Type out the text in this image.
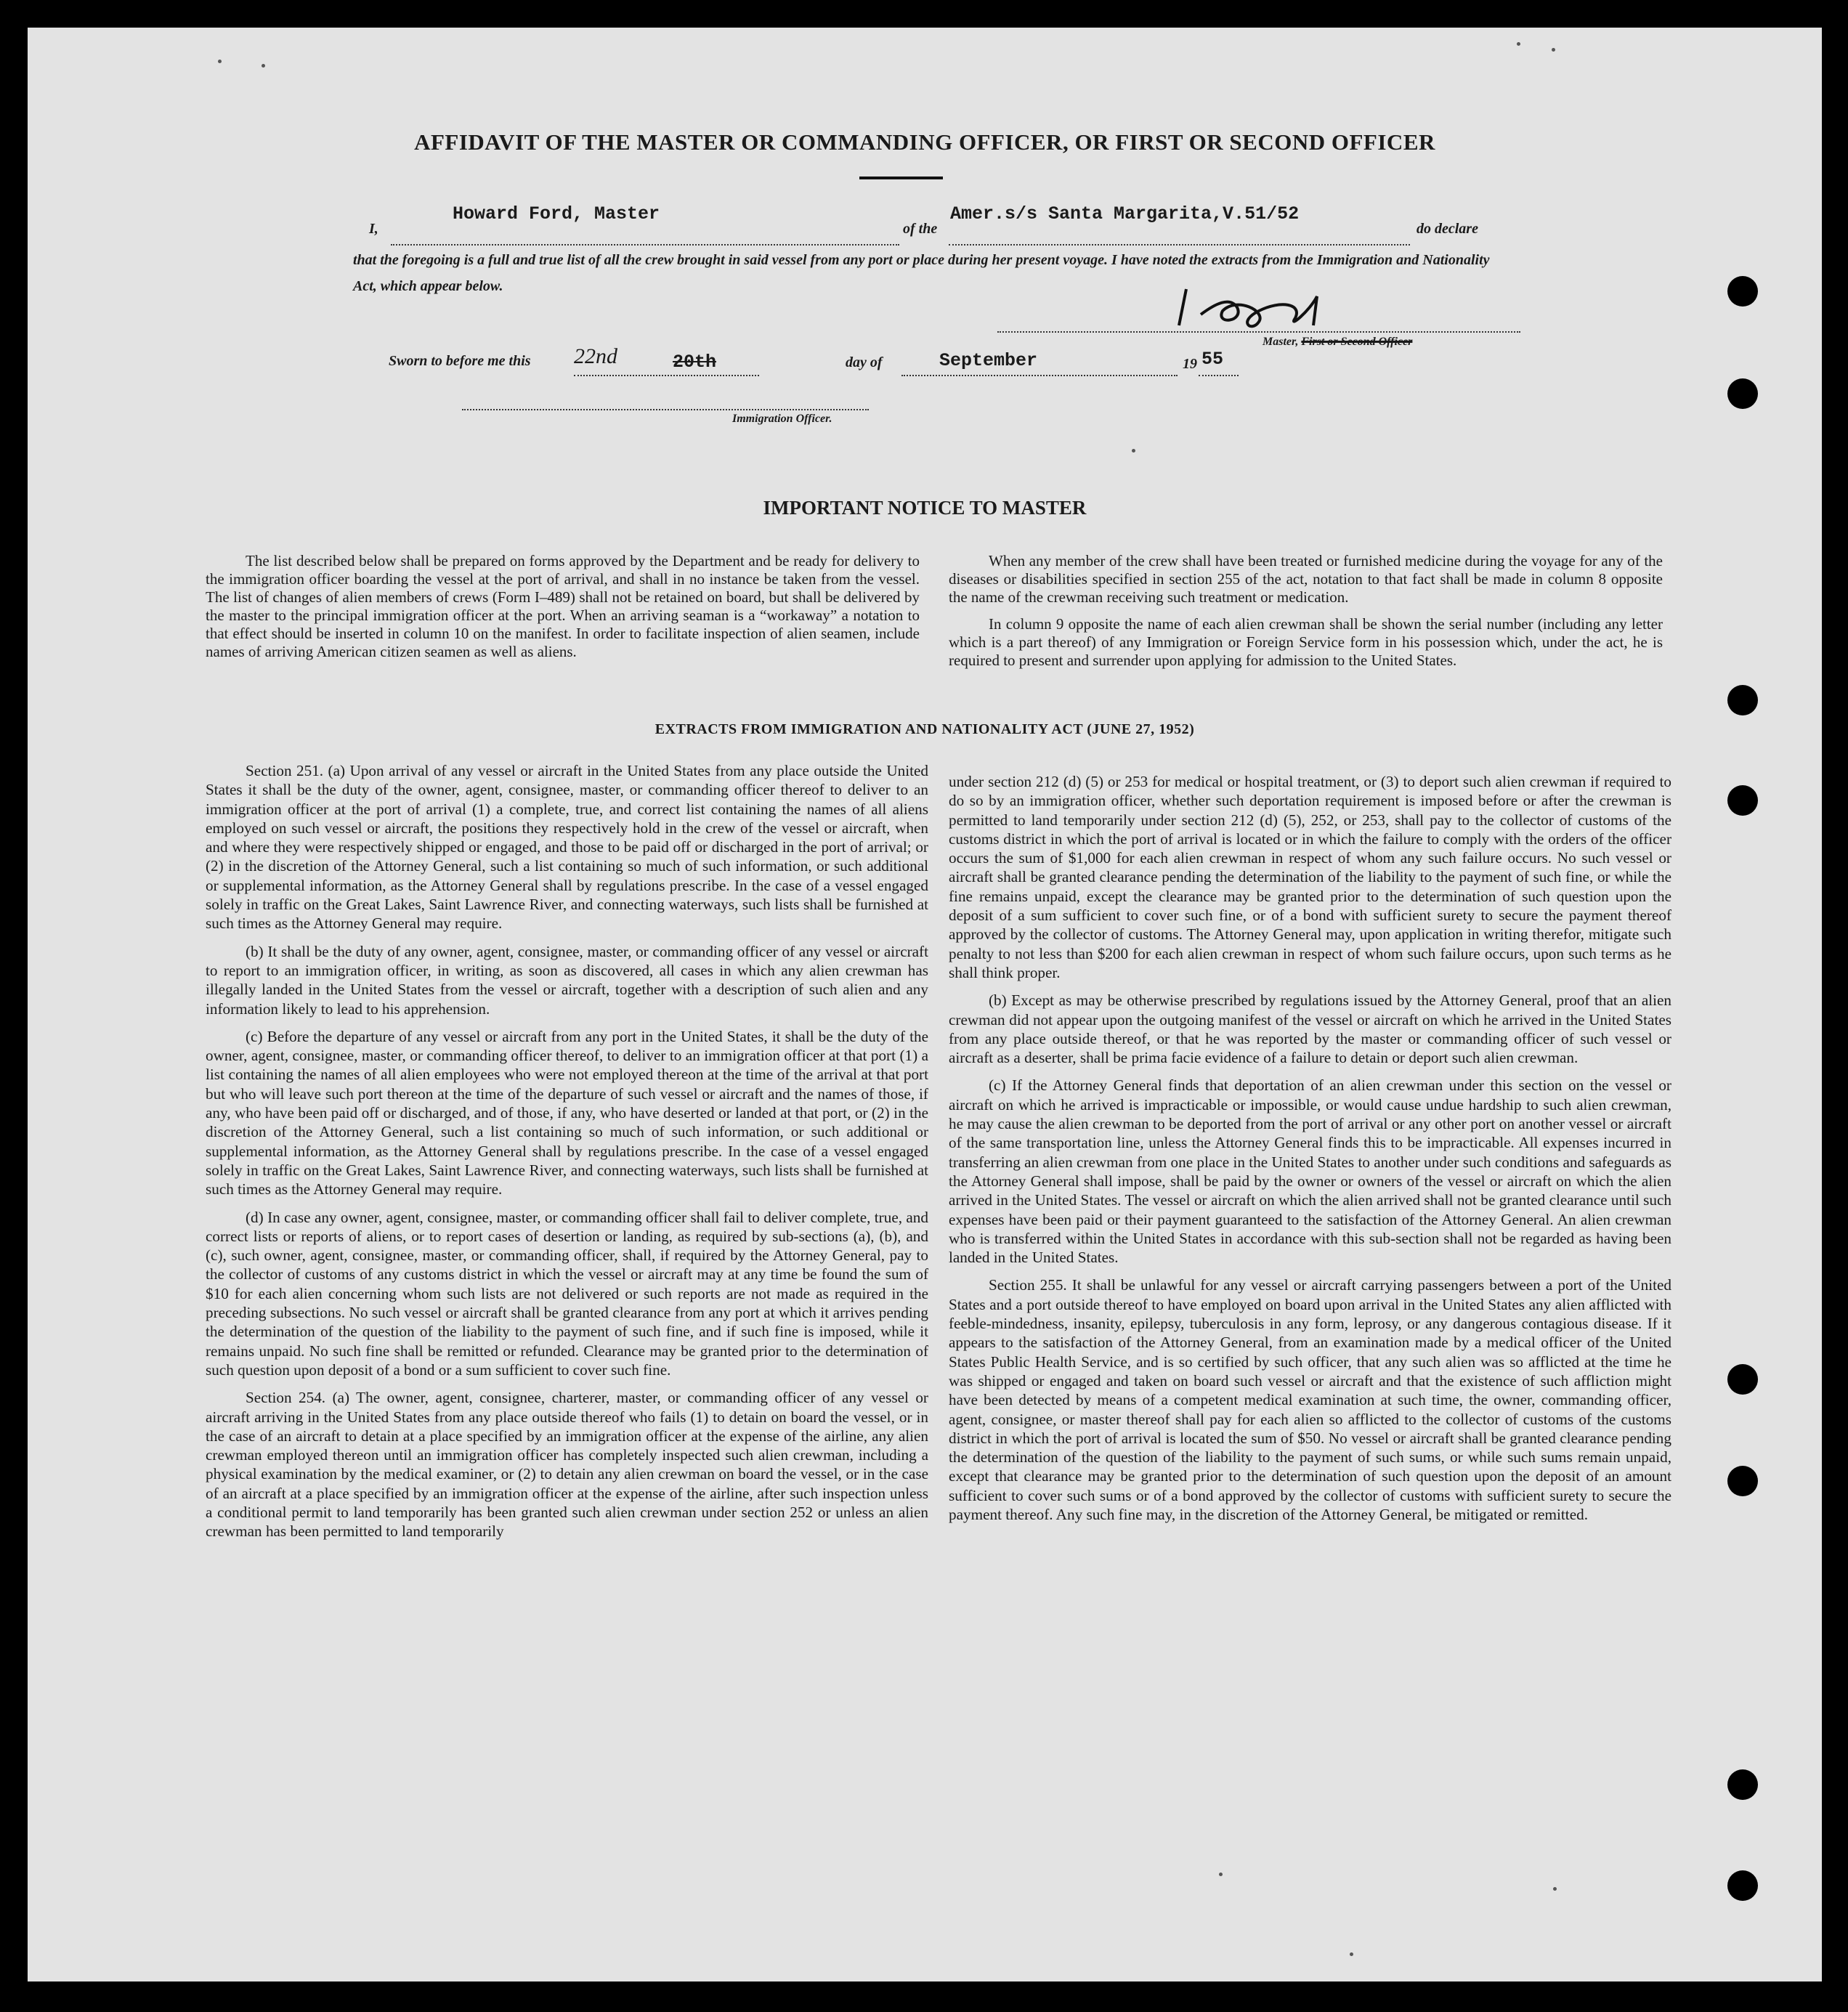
AFFIDAVIT OF THE MASTER OR COMMANDING OFFICER, OR FIRST OR SECOND OFFICER
I,
Howard Ford, Master
of the
Amer.s/s Santa Margarita,V.51/52
do declare
that the foregoing is a full and true list of all the crew brought in said vessel from any port or place during her present voyage. I have noted the extracts from the Immigration and Nationality Act, which appear below.
Master, First or Second Officer
Sworn to before me this 22nd	20th	day of	September	19 55
Immigration Officer.
IMPORTANT NOTICE TO MASTER

The list described below shall be prepared on forms approved by the Department and be ready for delivery to the immigration officer boarding the vessel at the port of arrival, and shall in no instance be taken from the vessel. The list of changes of alien members of crews (Form I–489) shall not be retained on board, but shall be delivered by the master to the principal immigration officer at the port. When an arriving seaman is a “workaway” a notation to that effect should be inserted in column 10 on the manifest. In order to facilitate inspection of alien seamen, include names of arriving American citizen seamen as well as aliens.

When any member of the crew shall have been treated or furnished medicine during the voyage for any of the diseases or disabilities specified in section 255 of the act, notation to that fact shall be made in column 8 opposite the name of the crewman receiving such treatment or medication.

In column 9 opposite the name of each alien crewman shall be shown the serial number (including any letter which is a part thereof) of any Immigration or Foreign Service form in his possession which, under the act, he is required to present and surrender upon applying for admission to the United States.

EXTRACTS FROM IMMIGRATION AND NATIONALITY ACT (JUNE 27, 1952)

Section 251. (a) Upon arrival of any vessel or aircraft in the United States from any place outside the United States it shall be the duty of the owner, agent, consignee, master, or commanding officer thereof to deliver to an immigration officer at the port of arrival (1) a complete, true, and correct list containing the names of all aliens employed on such vessel or aircraft, the positions they respectively hold in the crew of the vessel or aircraft, when and where they were respectively shipped or engaged, and those to be paid off or discharged in the port of arrival; or (2) in the discretion of the Attorney General, such a list containing so much of such information, or such additional or supplemental information, as the Attorney General shall by regulations prescribe. In the case of a vessel engaged solely in traffic on the Great Lakes, Saint Lawrence River, and connecting waterways, such lists shall be furnished at such times as the Attorney General may require.

(b) It shall be the duty of any owner, agent, consignee, master, or commanding officer of any vessel or aircraft to report to an immigration officer, in writing, as soon as discovered, all cases in which any alien crewman has illegally landed in the United States from the vessel or aircraft, together with a description of such alien and any information likely to lead to his apprehension.

(c) Before the departure of any vessel or aircraft from any port in the United States, it shall be the duty of the owner, agent, consignee, master, or commanding officer thereof, to deliver to an immigration officer at that port (1) a list containing the names of all alien employees who were not employed thereon at the time of the arrival at that port but who will leave such port thereon at the time of the departure of such vessel or aircraft and the names of those, if any, who have been paid off or discharged, and of those, if any, who have deserted or landed at that port, or (2) in the discretion of the Attorney General, such a list containing so much of such information, or such additional or supplemental information, as the Attorney General shall by regulations prescribe. In the case of a vessel engaged solely in traffic on the Great Lakes, Saint Lawrence River, and connecting waterways, such lists shall be furnished at such times as the Attorney General may require.

(d) In case any owner, agent, consignee, master, or commanding officer shall fail to deliver complete, true, and correct lists or reports of aliens, or to report cases of desertion or landing, as required by sub-sections (a), (b), and (c), such owner, agent, consignee, master, or commanding officer, shall, if required by the Attorney General, pay to the collector of customs of any customs district in which the vessel or aircraft may at any time be found the sum of $10 for each alien concerning whom such lists are not delivered or such reports are not made as required in the preceding subsections. No such vessel or aircraft shall be granted clearance from any port at which it arrives pending the determination of the question of the liability to the payment of such fine, and if such fine is imposed, while it remains unpaid. No such fine shall be remitted or refunded. Clearance may be granted prior to the determination of such question upon deposit of a bond or a sum sufficient to cover such fine.

Section 254. (a) The owner, agent, consignee, charterer, master, or commanding officer of any vessel or aircraft arriving in the United States from any place outside thereof who fails (1) to detain on board the vessel, or in the case of an aircraft to detain at a place specified by an immigration officer at the expense of the airline, any alien crewman employed thereon until an immigration officer has completely inspected such alien crewman, including a physical examination by the medical examiner, or (2) to detain any alien crewman on board the vessel, or in the case of an aircraft at a place specified by an immigration officer at the expense of the airline, after such inspection unless a conditional permit to land temporarily has been granted such alien crewman under section 252 or unless an alien crewman has been permitted to land temporarily

under section 212 (d) (5) or 253 for medical or hospital treatment, or (3) to deport such alien crewman if required to do so by an immigration officer, whether such deportation requirement is imposed before or after the crewman is permitted to land temporarily under section 212 (d) (5), 252, or 253, shall pay to the collector of customs of the customs district in which the port of arrival is located or in which the failure to comply with the orders of the officer occurs the sum of $1,000 for each alien crewman in respect of whom any such failure occurs. No such vessel or aircraft shall be granted clearance pending the determination of the liability to the payment of such fine, or while the fine remains unpaid, except the clearance may be granted prior to the determination of such question upon the deposit of a sum sufficient to cover such fine, or of a bond with sufficient surety to secure the payment thereof approved by the collector of customs. The Attorney General may, upon application in writing therefor, mitigate such penalty to not less than $200 for each alien crewman in respect of whom such failure occurs, upon such terms as he shall think proper.

(b) Except as may be otherwise prescribed by regulations issued by the Attorney General, proof that an alien crewman did not appear upon the outgoing manifest of the vessel or aircraft on which he arrived in the United States from any place outside thereof, or that he was reported by the master or commanding officer of such vessel or aircraft as a deserter, shall be prima facie evidence of a failure to detain or deport such alien crewman.

(c) If the Attorney General finds that deportation of an alien crewman under this section on the vessel or aircraft on which he arrived is impracticable or impossible, or would cause undue hardship to such alien crewman, he may cause the alien crewman to be deported from the port of arrival or any other port on another vessel or aircraft of the same transportation line, unless the Attorney General finds this to be impracticable. All expenses incurred in transferring an alien crewman from one place in the United States to another under such conditions and safeguards as the Attorney General shall impose, shall be paid by the owner or owners of the vessel or aircraft on which the alien arrived in the United States. The vessel or aircraft on which the alien arrived shall not be granted clearance until such expenses have been paid or their payment guaranteed to the satisfaction of the Attorney General. An alien crewman who is transferred within the United States in accordance with this sub-section shall not be regarded as having been landed in the United States.

Section 255. It shall be unlawful for any vessel or aircraft carrying passengers between a port of the United States and a port outside thereof to have employed on board upon arrival in the United States any alien afflicted with feeble-mindedness, insanity, epilepsy, tuberculosis in any form, leprosy, or any dangerous contagious disease. If it appears to the satisfaction of the Attorney General, from an examination made by a medical officer of the United States Public Health Service, and is so certified by such officer, that any such alien was so afflicted at the time he was shipped or engaged and taken on board such vessel or aircraft and that the existence of such affliction might have been detected by means of a competent medical examination at such time, the owner, commanding officer, agent, consignee, or master thereof shall pay for each alien so afflicted to the collector of customs of the customs district in which the port of arrival is located the sum of $50. No vessel or aircraft shall be granted clearance pending the determination of the question of the liability to the payment of such sums, or while such sums remain unpaid, except that clearance may be granted prior to the determination of such question upon the deposit of an amount sufficient to cover such sums or of a bond approved by the collector of customs with sufficient surety to secure the payment thereof. Any such fine may, in the discretion of the Attorney General, be mitigated or remitted.
